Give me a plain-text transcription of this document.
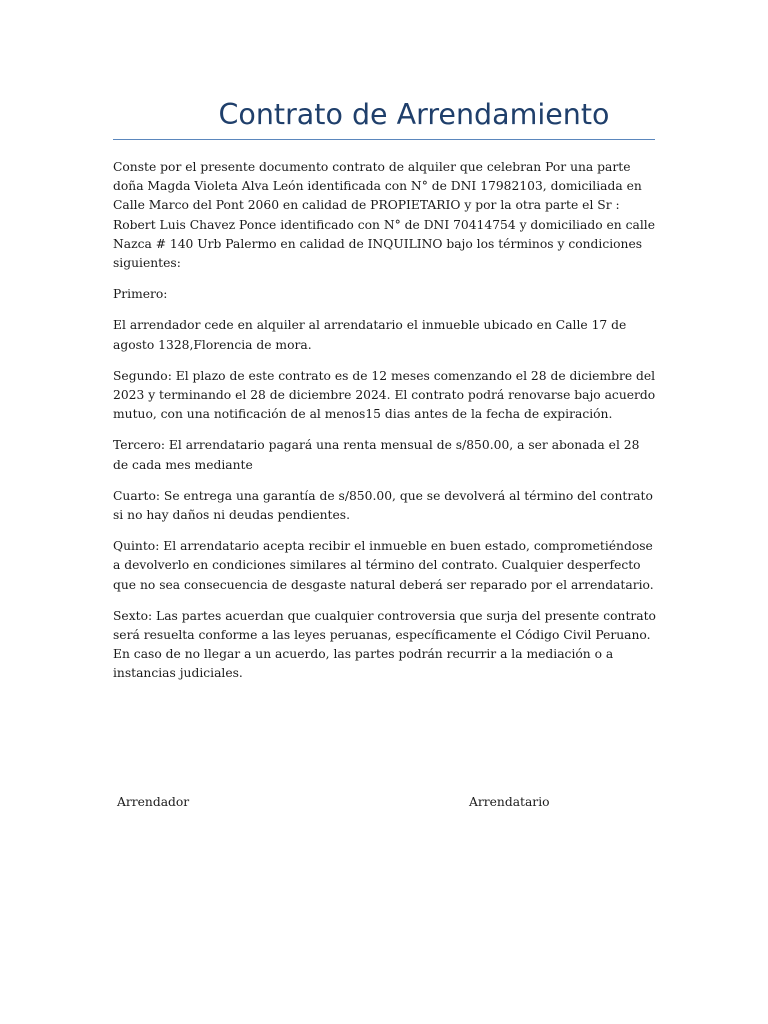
Contrato de Arrendamiento

Conste por el presente documento contrato de alquiler que celebran Por una parte doña Magda Violeta Alva León identificada con N° de DNI 17982103, domiciliada en Calle Marco del Pont 2060 en calidad de PROPIETARIO y por la otra parte el Sr : Robert Luis Chavez Ponce identificado con N° de DNI 70414754 y domiciliado en calle Nazca # 140 Urb Palermo en calidad de INQUILINO bajo los términos y condiciones siguientes:

Primero:

El arrendador cede en alquiler al arrendatario el inmueble ubicado en Calle 17 de agosto 1328,Florencia de mora.

Segundo: El plazo de este contrato es de 12 meses comenzando el 28 de diciembre del 2023 y terminando el 28 de diciembre 2024. El contrato podrá renovarse bajo acuerdo mutuo, con una notificación de al menos15 dias antes de la fecha de expiración.

Tercero: El arrendatario pagará una renta mensual de s/850.00, a ser abonada el 28 de cada mes mediante

Cuarto: Se entrega una garantía de s/850.00, que se devolverá al término del contrato si no hay daños ni deudas pendientes.

Quinto: El arrendatario acepta recibir el inmueble en buen estado, comprometiéndose a devolverlo en condiciones similares al término del contrato. Cualquier desperfecto que no sea consecuencia de desgaste natural deberá ser reparado por el arrendatario.

Sexto: Las partes acuerdan que cualquier controversia que surja del presente contrato será resuelta conforme a las leyes peruanas, específicamente el Código Civil Peruano. En caso de no llegar a un acuerdo, las partes podrán recurrir a la mediación o a instancias judiciales.

Arrendador	Arrendatario
